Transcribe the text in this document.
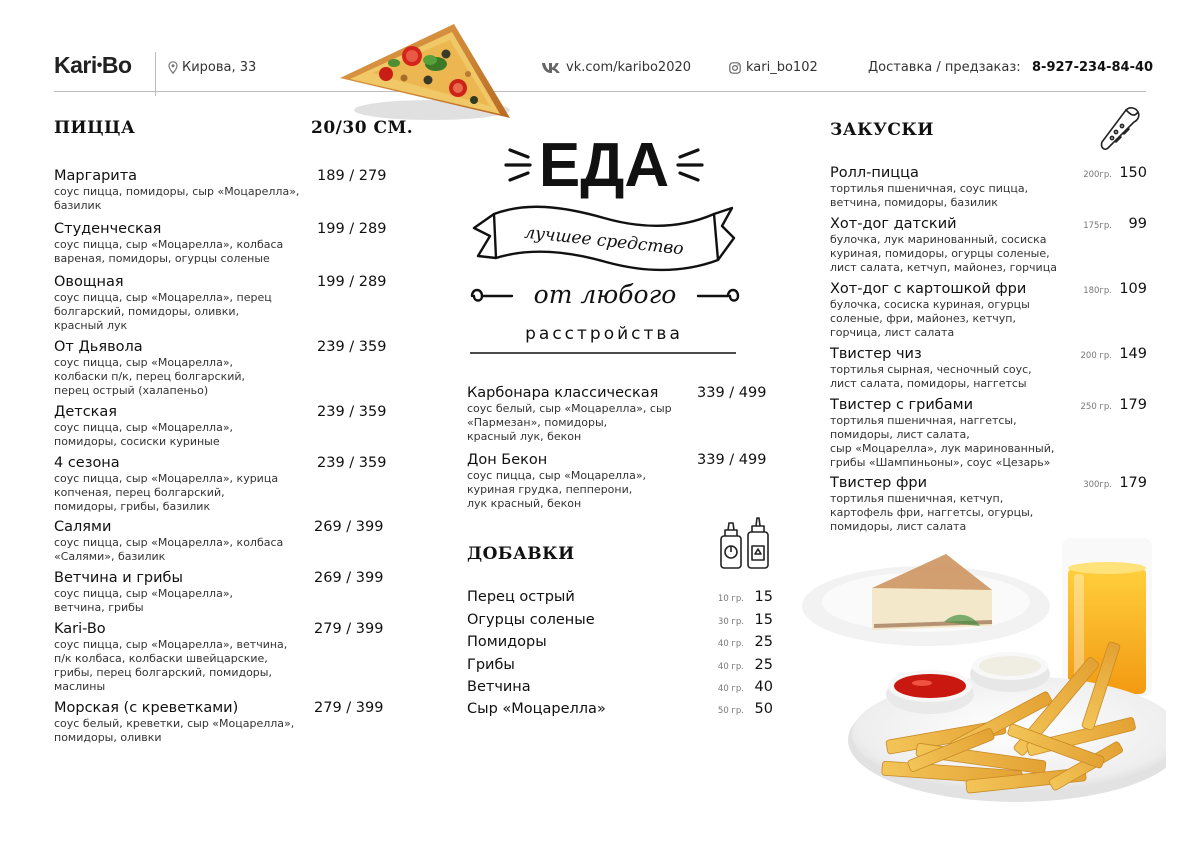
Kari•Bo	Кирова, 33	vk.com/karibo2020	kari_bo102	Доставка / предзаказ: 8-927-234-84-40
ПИЦЦА	20/30 СМ.
Маргарита
соус пицца, помидоры, сыр «Моцарелла»,
базилик
189 / 279
Студенческая
соус пицца, сыр «Моцарелла», колбаса
вареная, помидоры, огурцы соленые
199 / 289
Овощная
соус пицца, сыр «Моцарелла», перец
болгарский, помидоры, оливки,
красный лук
199 / 289
От Дьявола
соус пицца, сыр «Моцарелла»,
колбаски п/к, перец болгарский,
перец острый (халапеньо)
239 / 359
Детская
соус пицца, сыр «Моцарелла»,
помидоры, сосиски куриные
239 / 359
4 сезона
соус пицца, сыр «Моцарелла», курица
копченая, перец болгарский,
помидоры, грибы, базилик
239 / 359
Салями
соус пицца, сыр «Моцарелла», колбаса
«Салями», базилик
269 / 399
Ветчина и грибы
соус пицца, сыр «Моцарелла»,
ветчина, грибы
269 / 399
Kari-Bo
соус пицца, сыр «Моцарелла», ветчина,
п/к колбаса, колбаски швейцарские,
грибы, перец болгарский, помидоры,
маслины
279 / 399
Морская (с креветками)
соус белый, креветки, сыр «Моцарелла»,
помидоры, оливки
279 / 399
ЕДА
лучшее средство
от любого
расстройства
Карбонара классическая
соус белый, сыр «Моцарелла», сыр
«Пармезан», помидоры,
красный лук, бекон
339 / 499
Дон Бекон
соус пицца, сыр «Моцарелла»,
куриная грудка, пепперони,
лук красный, бекон
339 / 499
ДОБАВКИ
Перец острый	10 гр. 15
Огурцы соленые	30 гр. 15
Помидоры	40 гр. 25
Грибы	40 гр. 25
Ветчина	40 гр. 40
Сыр «Моцарелла»	50 гр. 50
ЗАКУСКИ
Ролл-пицца
тортилья пшеничная, соус пицца,
ветчина, помидоры, базилик
200гр. 150
Хот-дог датский
булочка, лук маринованный, сосиска
куриная, помидоры, огурцы соленые,
лист салата, кетчуп, майонез, горчица
175гр.	99
Хот-дог с картошкой фри
булочка, сосиска куриная, огурцы
соленые, фри, майонез, кетчуп,
горчица, лист салата
180гр. 109
Твистер чиз
тортилья сырная, чесночный соус,
лист салата, помидоры, наггетсы
200 гр. 149
Твистер с грибами
тортилья пшеничная, наггетсы,
помидоры, лист салата,
сыр «Моцарелла», лук маринованный,
грибы «Шампиньоны», соус «Цезарь»
250 гр. 179
Твистер фри
тортилья пшеничная, кетчуп,
картофель фри, наггетсы, огурцы,
помидоры, лист салата
300гр. 179
